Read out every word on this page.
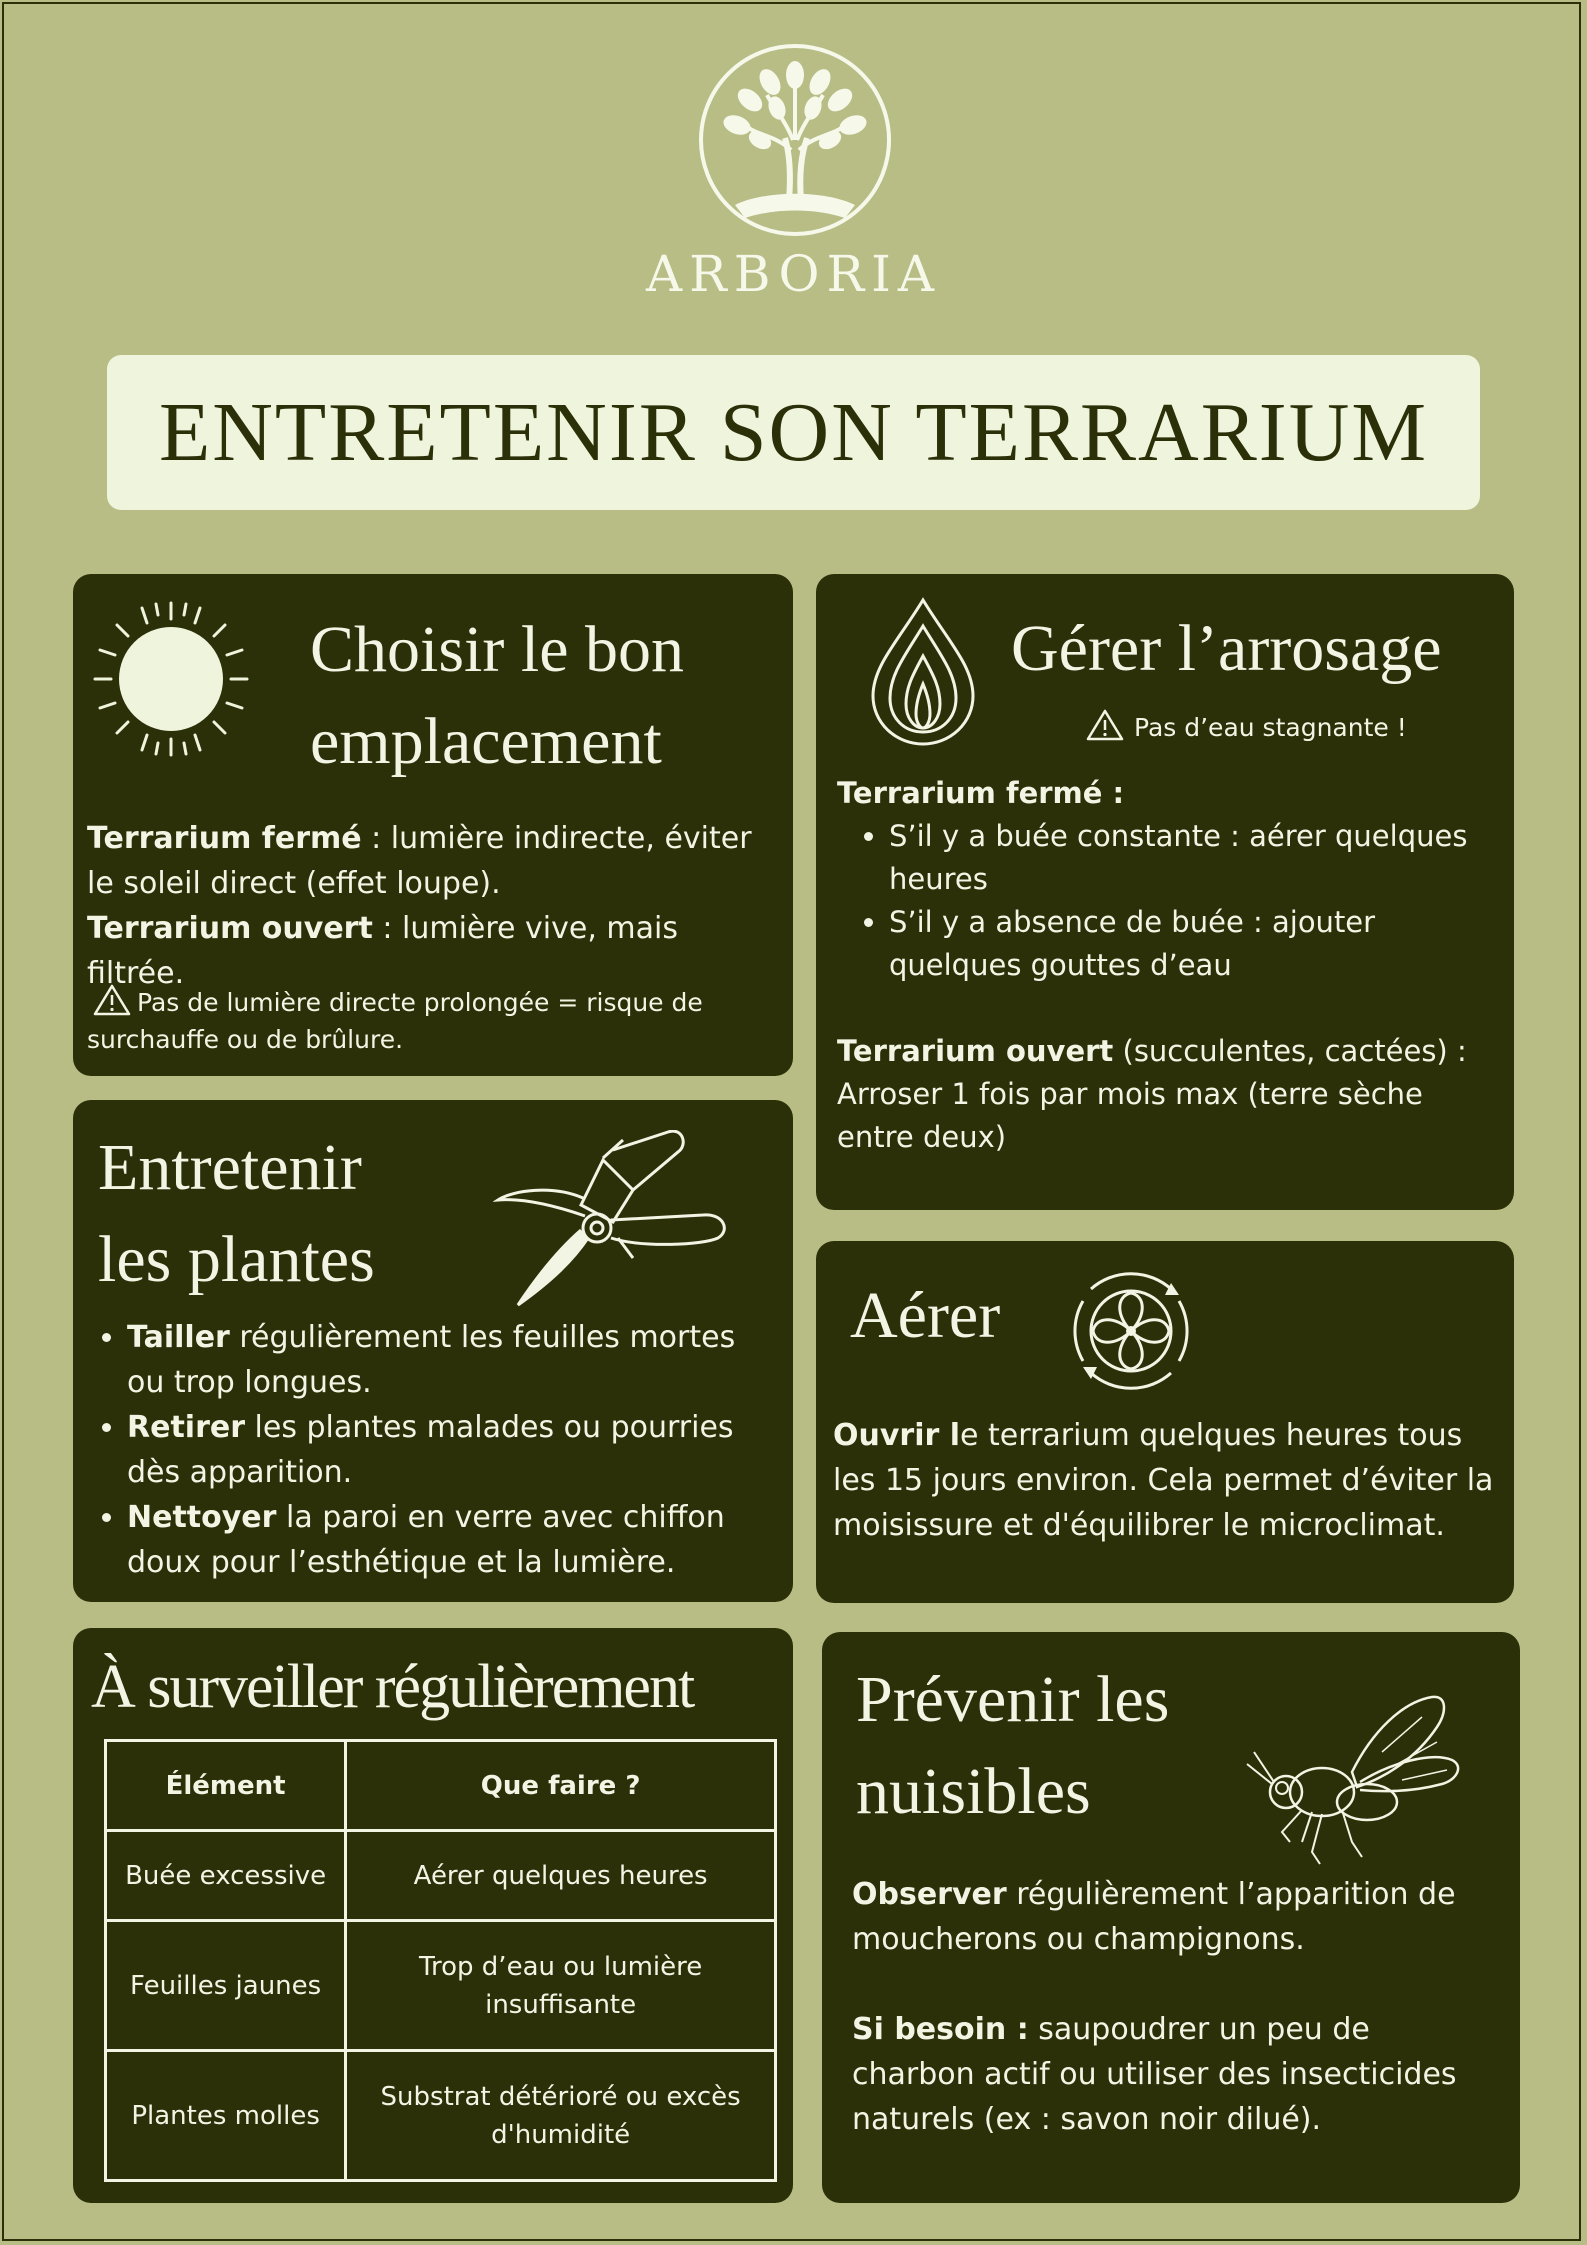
ARBORIA
ENTRETENIR SON TERRARIUM
Choisir le bon
emplacement
Terrarium fermé : lumière indirecte, éviter le soleil direct (effet loupe).
Terrarium ouvert : lumière vive, mais filtrée.
Pas de lumière directe prolongée = risque de surchauffe ou de brûlure.
Gérer l’arrosage
Pas d’eau stagnante !
Terrarium fermé :
• S’il y a buée constante : aérer quelques heures
• S’il y a absence de buée : ajouter quelques gouttes d’eau
Terrarium ouvert (succulentes, cactées) : Arroser 1 fois par mois max (terre sèche entre deux)
Entretenir
les plantes
• Tailler régulièrement les feuilles mortes ou trop longues.
• Retirer les plantes malades ou pourries dès apparition.
• Nettoyer la paroi en verre avec chiffon doux pour l’esthétique et la lumière.
Aérer
Ouvrir le terrarium quelques heures tous les 15 jours environ. Cela permet d’éviter la moisissure et d'équilibrer le microclimat.
À surveiller régulièrement
Élément	Que faire ?
Buée excessive	Aérer quelques heures
Feuilles jaunes	Trop d’eau ou lumière insuffisante
Plantes molles	Substrat détérioré ou excès d'humidité
Prévenir les
nuisibles
Observer régulièrement l’apparition de moucherons ou champignons.
Si besoin : saupoudrer un peu de charbon actif ou utiliser des insecticides naturels (ex : savon noir dilué).
